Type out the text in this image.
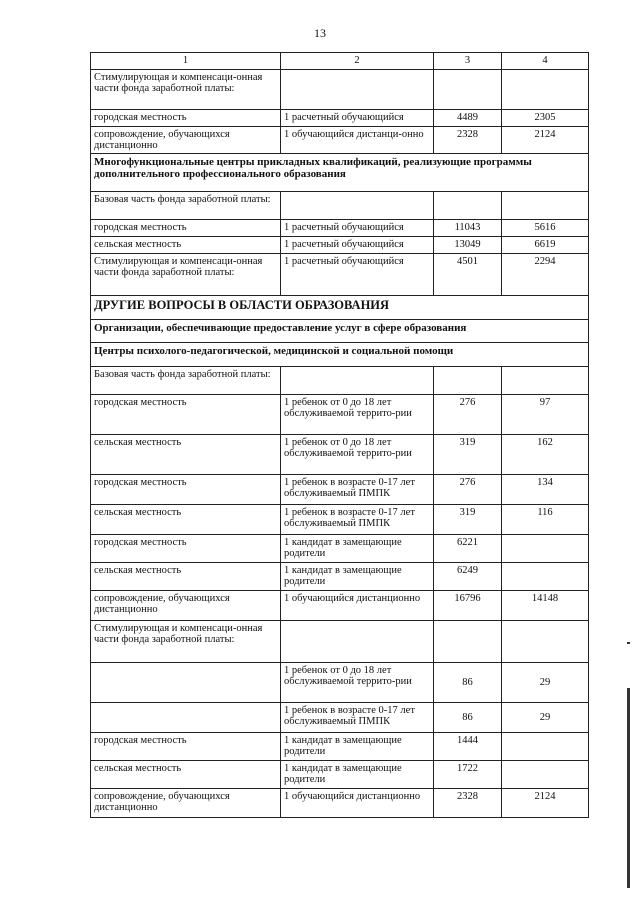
13
1	2	3	4
Стимулирующая и компенсаци-онная части фонда заработной платы:			
городская местность	1 расчетный обучающийся	4489	2305
сопровождение, обучающихся дистанционно	1 обучающийся дистанци-онно	2328	2124
Многофункциональные центры прикладных квалификаций, реализующие программы дополнительного профессионального образования			
Базовая часть фонда заработной платы:			
городская местность	1 расчетный обучающийся	11043	5616
сельская местность	1 расчетный обучающийся	13049	6619
Стимулирующая и компенсаци-онная части фонда заработной платы:	1 расчетный обучающийся	4501	2294
ДРУГИЕ ВОПРОСЫ В ОБЛАСТИ ОБРАЗОВАНИЯ			
Организации, обеспечивающие предоставление услуг в сфере образования			
Центры психолого-педагогической, медицинской и социальной помощи			
Базовая часть фонда заработной платы:			
городская местность	1 ребенок от 0 до 18 лет обслуживаемой террито-рии	276	97
сельская местность	1 ребенок от 0 до 18 лет обслуживаемой террито-рии	319	162
городская местность	1 ребенок в возрасте 0-17 лет обслуживаемый ПМПК	276	134
сельская местность	1 ребенок в возрасте 0-17 лет обслуживаемый ПМПК	319	116
городская местность	1 кандидат в замещающие родители	6221	
сельская местность	1 кандидат в замещающие родители	6249	
сопровождение, обучающихся дистанционно	1 обучающийся дистанционно	16796	14148
Стимулирующая и компенсаци-онная части фонда заработной платы:			
	1 ребенок от 0 до 18 лет обслуживаемой террито-рии	86	29
	1 ребенок в возрасте 0-17 лет обслуживаемый ПМПК	86	29
городская местность	1 кандидат в замещающие родители	1444	
сельская местность	1 кандидат в замещающие родители	1722	
сопровождение, обучающихся дистанционно	1 обучающийся дистанционно	2328	2124
